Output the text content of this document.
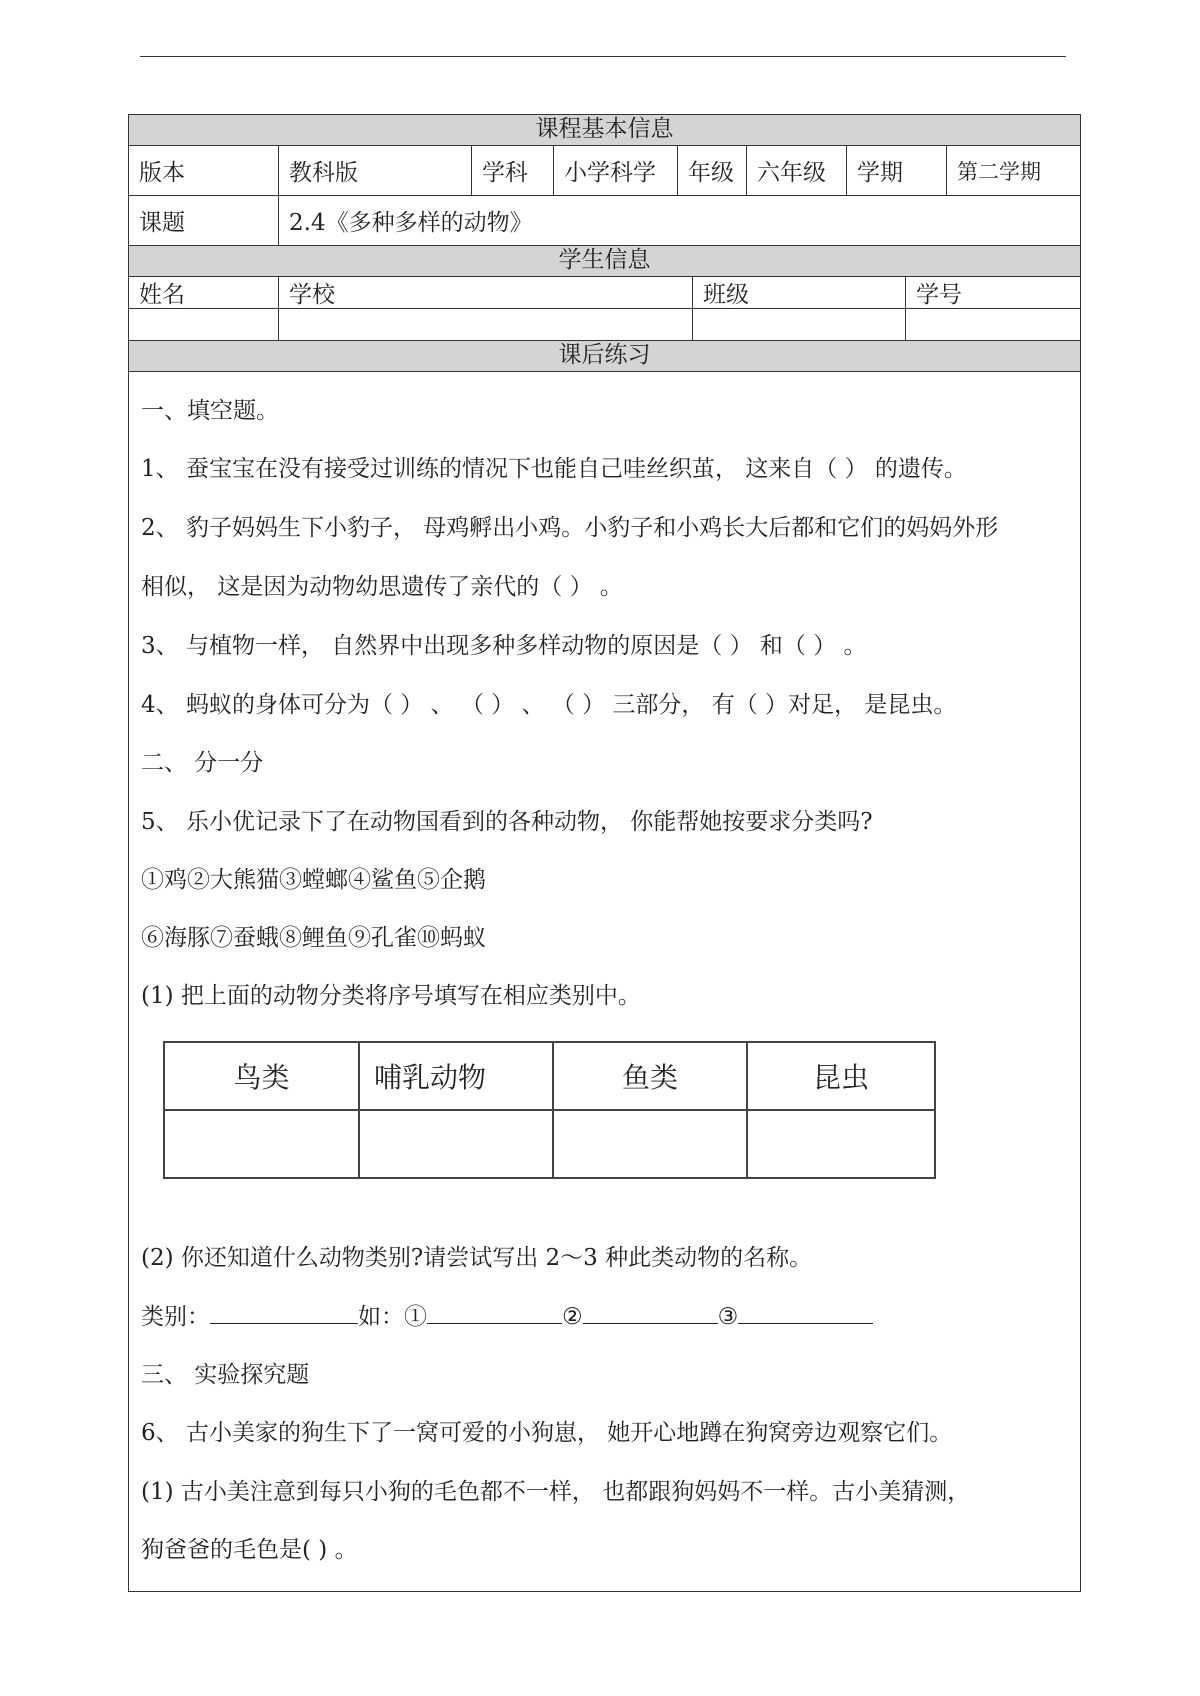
课程基本信息
版本	教科版	学科	小学科学	年级	六年级	学期	第二学期
课题	2.4《多种多样的动物》
学生信息
姓名	学校	班级	学号
课后练习
一、填空题。
1、 蚕宝宝在没有接受过训练的情况下也能自己哇丝织茧， 这来自（ ） 的遗传。
2、 豹子妈妈生下小豹子， 母鸡孵出小鸡。小豹子和小鸡长大后都和它们的妈妈外形
相似， 这是因为动物幼思遗传了亲代的（ ） 。
3、 与植物一样， 自然界中出现多种多样动物的原因是（ ） 和（ ） 。
4、 蚂蚁的身体可分为（ ） 、 （ ） 、 （ ） 三部分， 有（ ）对足， 是昆虫。
二、 分一分
5、 乐小优记录下了在动物国看到的各种动物， 你能帮她按要求分类吗?
①鸡②大熊猫③螳螂④鲨鱼⑤企鹅
⑥海豚⑦蚕蛾⑧鲤鱼⑨孔雀⑩蚂蚁
(1) 把上面的动物分类将序号填写在相应类别中。
鸟类	哺乳动物	鱼类	昆虫
(2) 你还知道什么动物类别?请尝试写出 2～3 种此类动物的名称。
类别：	如：①	②	③
三、 实验探究题
6、 古小美家的狗生下了一窝可爱的小狗崽， 她开心地蹲在狗窝旁边观察它们。
(1) 古小美注意到每只小狗的毛色都不一样， 也都跟狗妈妈不一样。古小美猜测，
狗爸爸的毛色是( ) 。
